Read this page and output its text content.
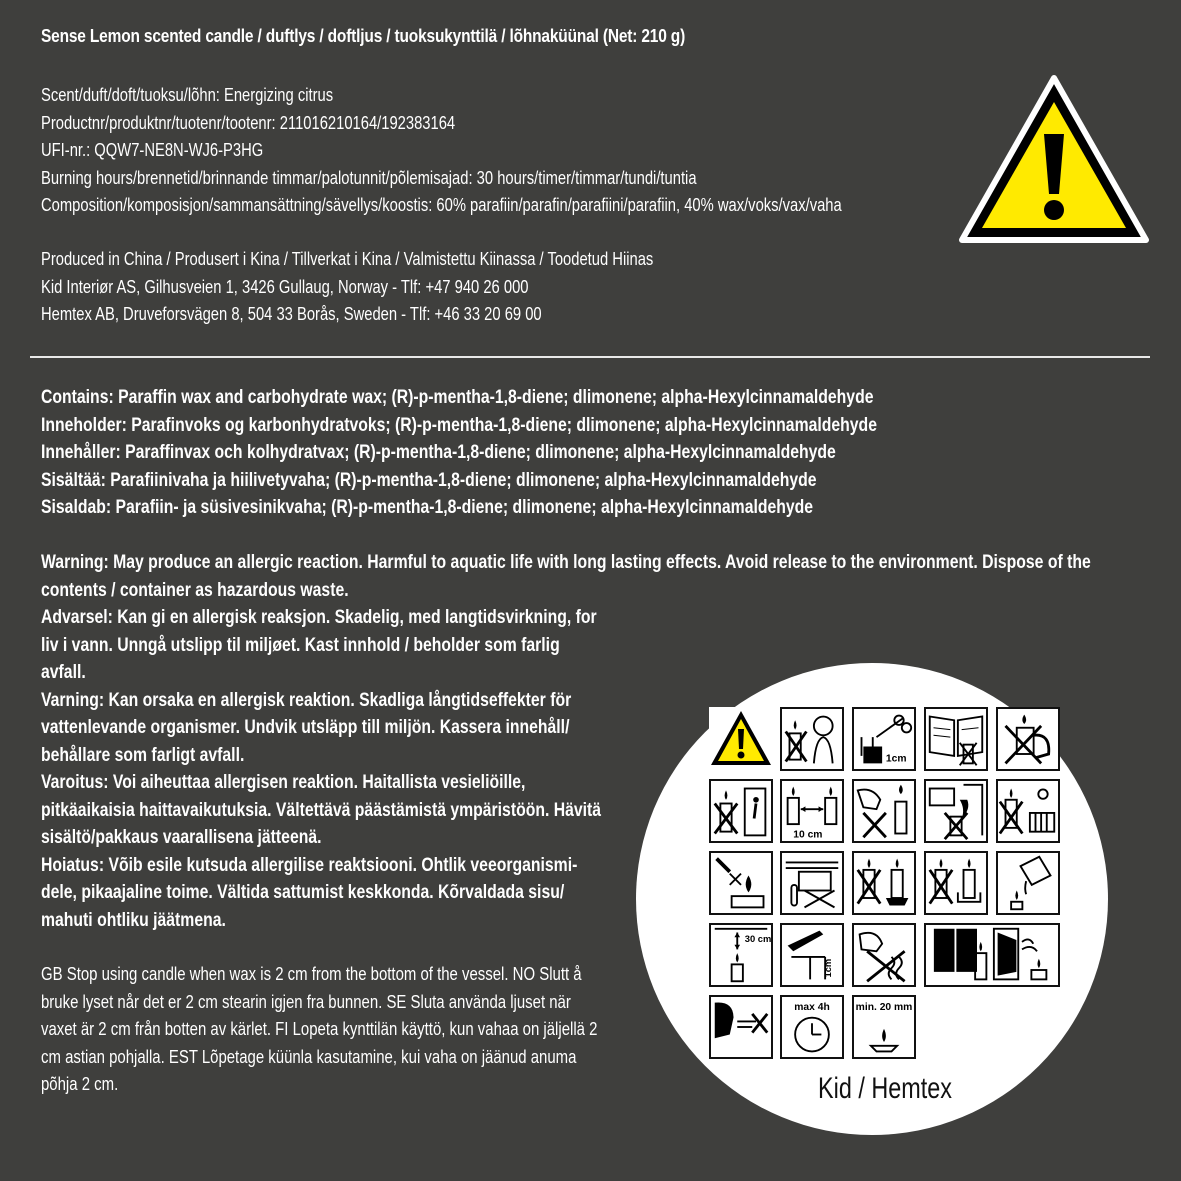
Sense Lemon scented candle / duftlys / doftljus / tuoksukynttilä / lõhnaküünal (Net: 210 g)
Scent/duft/doft/tuoksu/lõhn: Energizing citrus
Productnr/produktnr/tuotenr/tootenr: 211016210164/192383164
UFI-nr.: QQW7-NE8N-WJ6-P3HG
Burning hours/brennetid/brinnande timmar/palotunnit/põlemisajad: 30 hours/timer/timmar/tundi/tuntia
Composition/komposisjon/sammansättning/sävellys/koostis: 60% parafiin/parafin/parafiini/parafiin, 40% wax/voks/vax/vaha
Produced in China / Produsert i Kina / Tillverkat i Kina / Valmistettu Kiinassa / Toodetud Hiinas
Kid Interiør AS, Gilhusveien 1, 3426 Gullaug, Norway - Tlf: +47 940 26 000
Hemtex AB, Druveforsvägen 8, 504 33 Borås, Sweden - Tlf: +46 33 20 69 00
Contains: Paraffin wax and carbohydrate wax; (R)-p-mentha-1,8-diene; dlimonene; alpha-Hexylcinnamaldehyde
Inneholder: Parafinvoks og karbonhydratvoks; (R)-p-mentha-1,8-diene; dlimonene; alpha-Hexylcinnamaldehyde
Innehåller: Paraffinvax och kolhydratvax; (R)-p-mentha-1,8-diene; dlimonene; alpha-Hexylcinnamaldehyde
Sisältää: Parafiinivaha ja hiilivetyvaha; (R)-p-mentha-1,8-diene; dlimonene; alpha-Hexylcinnamaldehyde
Sisaldab: Parafiin- ja süsivesinikvaha; (R)-p-mentha-1,8-diene; dlimonene; alpha-Hexylcinnamaldehyde

Warning: May produce an allergic reaction. Harmful to aquatic life with long lasting effects. Avoid release to the environment. Dispose of the contents / container as hazardous waste.

Advarsel: Kan gi en allergisk reaksjon. Skadelig, med langtidsvirkning, for liv i vann. Unngå utslipp til miljøet. Kast innhold / beholder som farlig avfall.

Varning: Kan orsaka en allergisk reaktion. Skadliga långtidseffekter för vattenlevande organismer. Undvik utsläpp till miljön. Kassera innehåll/ behållare som farligt avfall.

Varoitus: Voi aiheuttaa allergisen reaktion. Haitallista vesieliöille, pitkäaikaisia haittavaikutuksia. Vältettävä päästämistä ympäristöön. Hävitä sisältö/pakkaus vaarallisena jätteenä.

Hoiatus: Võib esile kutsuda allergilise reaktsiooni. Ohtlik veeorganismi-dele, pikaajaline toime. Vältida sattumist keskkonda. Kõrvaldada sisu/ mahuti ohtliku jäätmena.

GB Stop using candle when wax is 2 cm from the bottom of the vessel. NO Slutt å bruke lyset når det er 2 cm stearin igjen fra bunnen. SE Sluta använda ljuset när vaxet är 2 cm från botten av kärlet. FI Lopeta kynttilän käyttö, kun vahaa on jäljellä 2 cm astian pohjalla. EST Lõpetage küünla kasutamine, kui vaha on jäänud anuma põhja 2 cm.
1cm
10 cm
30 cm
1cm
max 4h min. 20 mm
Kid / Hemtex
